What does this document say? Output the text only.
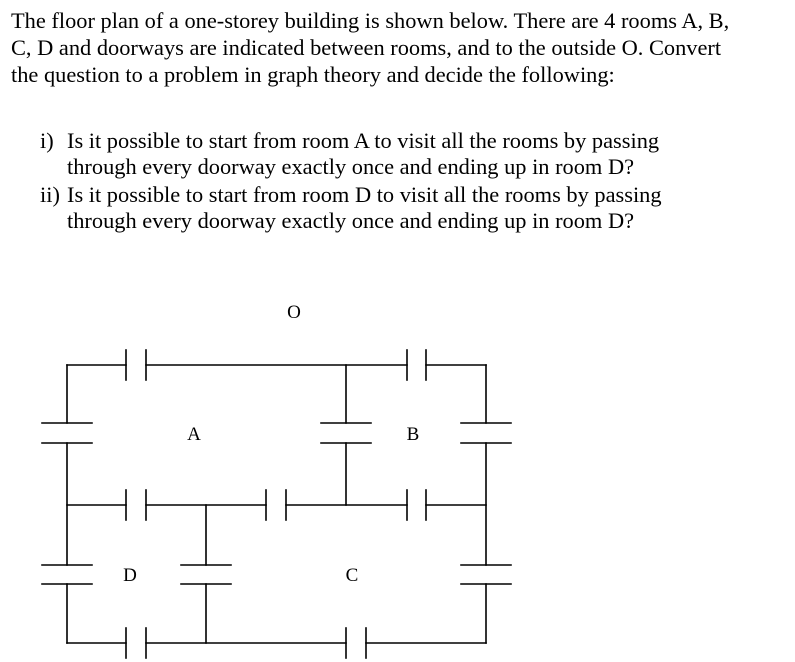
The floor plan of a one-storey building is shown below. There are 4 rooms A, B,
C, D and doorways are indicated between rooms, and to the outside O. Convert
the question to a problem in graph theory and decide the following:
i) Is it possible to start from room A to visit all the rooms by passing
through every doorway exactly once and ending up in room D?
ii) Is it possible to start from room D to visit all the rooms by passing
through every doorway exactly once and ending up in room D?
O
A	B
C
D
